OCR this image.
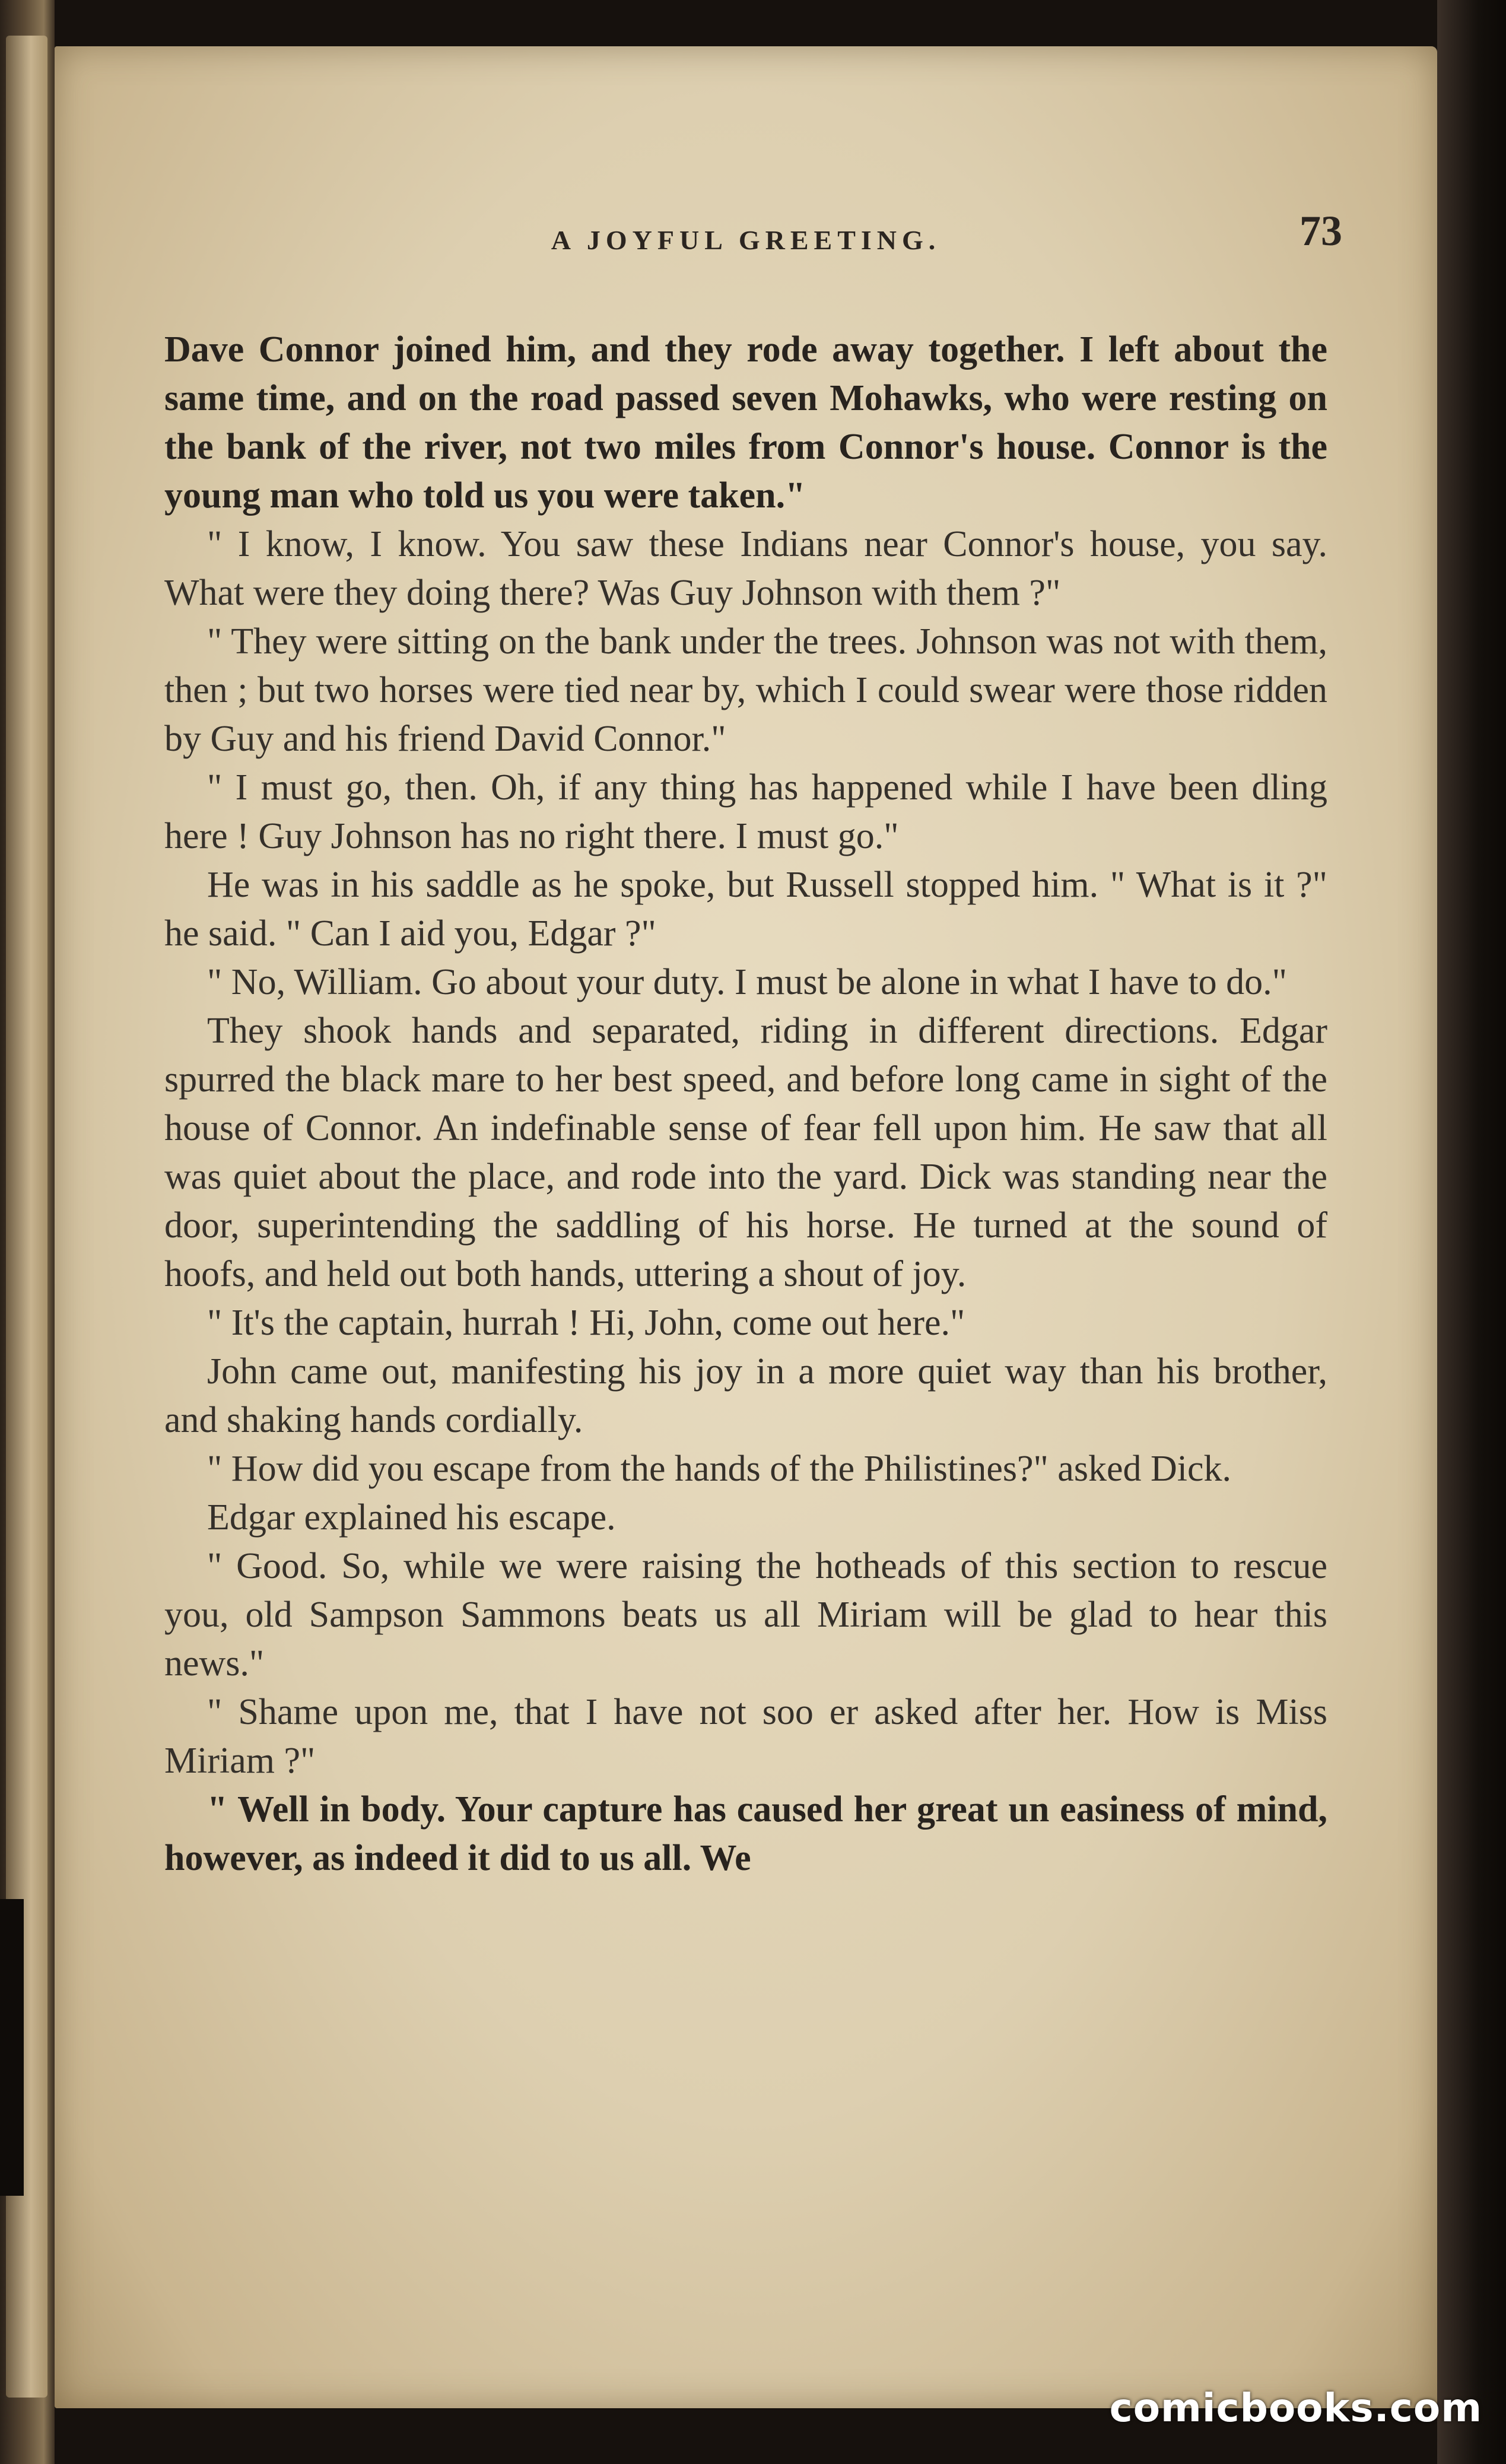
A JOYFUL GREETING.	73

Dave Connor joined him, and they rode away together. I left about the same time, and on the road passed seven Mohawks, who were resting on the bank of the river, not two miles from Connor's house. Connor is the young man who told us you were taken."

" I know, I know. You saw these Indians near Connor's house, you say. What were they doing there? Was Guy Johnson with them ?"

" They were sitting on the bank under the trees. Johnson was not with them, then ; but two horses were tied near by, which I could swear were those ridden by Guy and his friend David Connor."

" I must go, then. Oh, if any thing has happened while I have been dling here ! Guy Johnson has no right there. I must go."

He was in his saddle as he spoke, but Russell stopped him. " What is it ?" he said. " Can I aid you, Edgar ?"

" No, William. Go about your duty. I must be alone in what I have to do."

They shook hands and separated, riding in different directions. Edgar spurred the black mare to her best speed, and before long came in sight of the house of Connor. An indefinable sense of fear fell upon him. He saw that all was quiet about the place, and rode into the yard. Dick was standing near the door, superintending the saddling of his horse. He turned at the sound of hoofs, and held out both hands, uttering a shout of joy.

" It's the captain, hurrah ! Hi, John, come out here."

John came out, manifesting his joy in a more quiet way than his brother, and shaking hands cordially.

" How did you escape from the hands of the Philistines?" asked Dick.

Edgar explained his escape.

" Good. So, while we were raising the hotheads of this section to rescue you, old Sampson Sammons beats us all Miriam will be glad to hear this news."

" Shame upon me, that I have not soo er asked after her. How is Miss Miriam ?"

" Well in body. Your capture has caused her great un easiness of mind, however, as indeed it did to us all. We

comicbooks.com
